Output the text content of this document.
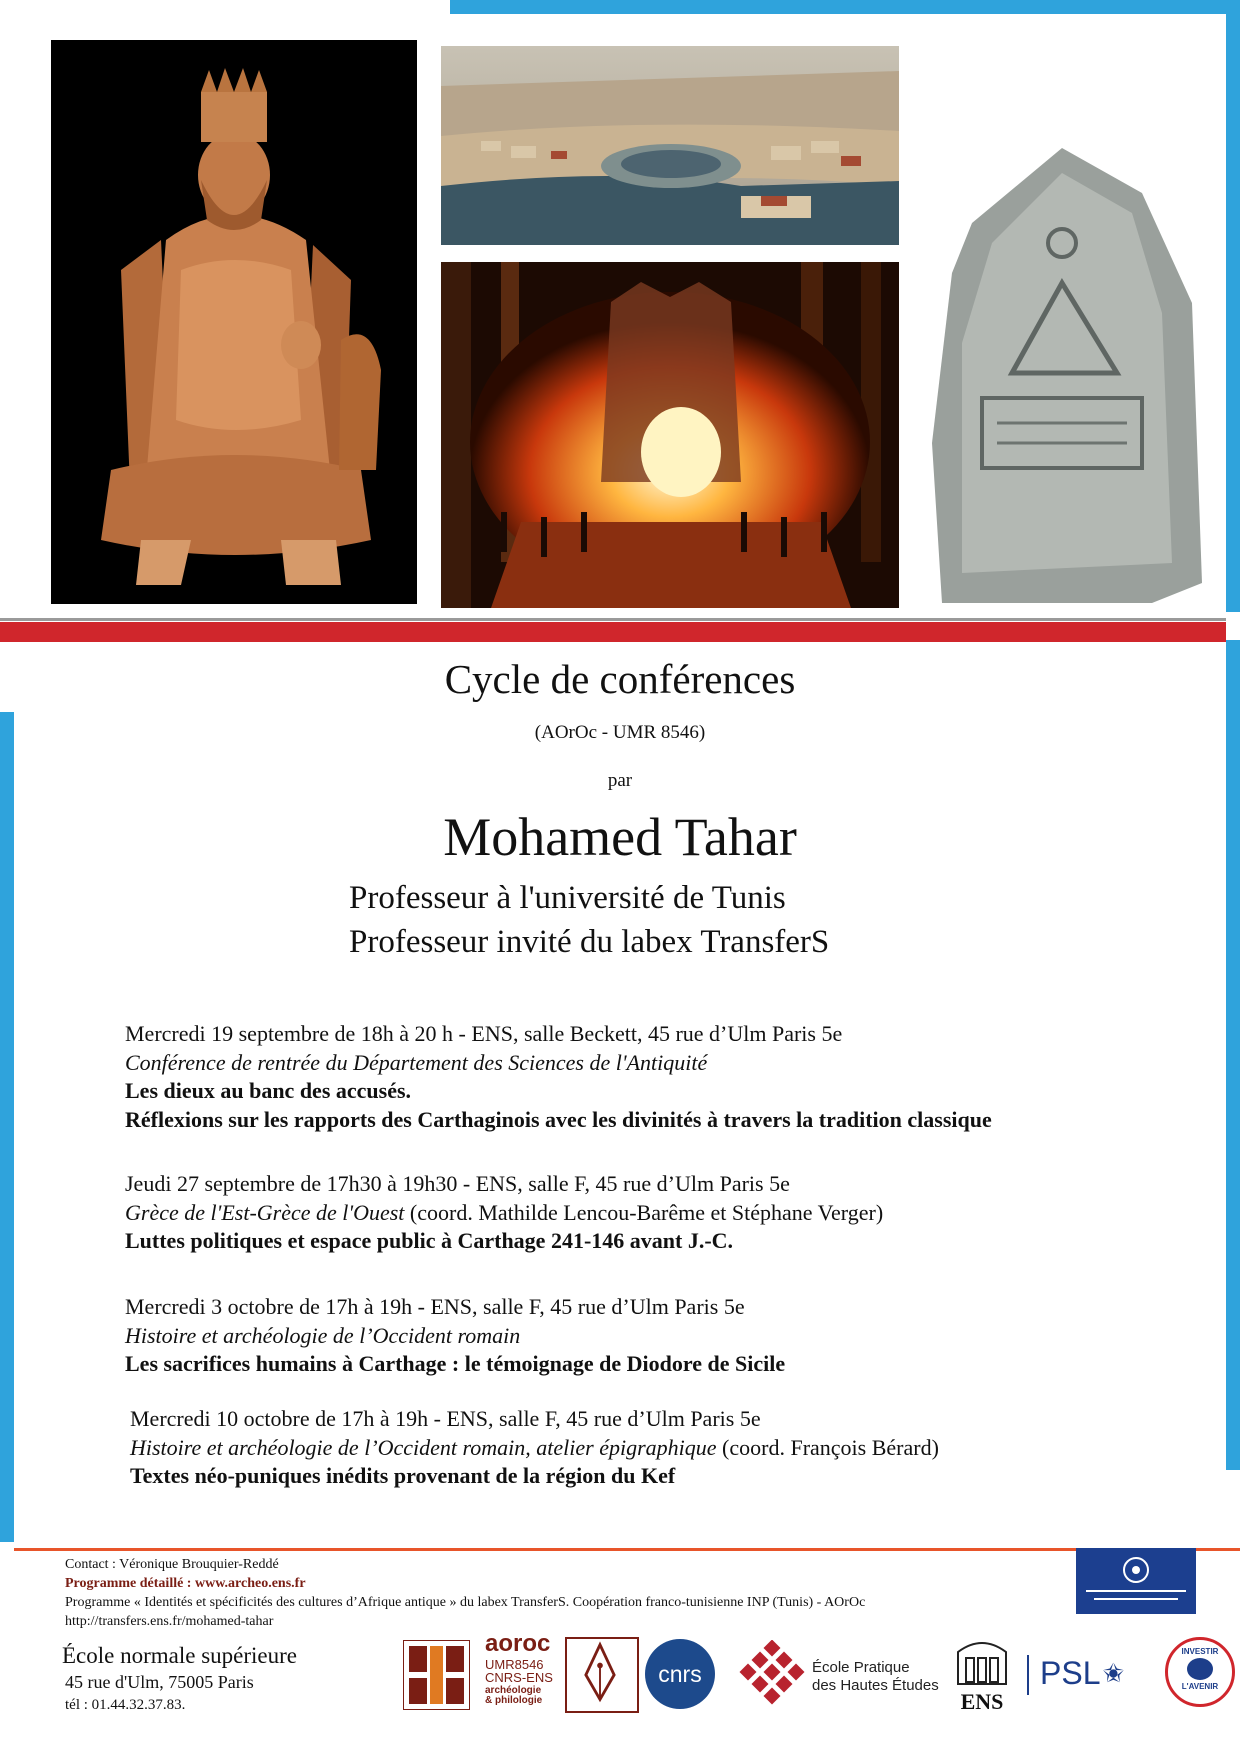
Cycle de conférences
(AOrOc - UMR 8546)
par
Mohamed Tahar
Professeur à l'université de Tunis
Professeur invité du labex TransferS
Mercredi 19 septembre de 18h à 20 h - ENS, salle Beckett, 45 rue d’Ulm Paris 5e
Conférence de rentrée du Département des Sciences de l'Antiquité
Les dieux au banc des accusés.
Réflexions sur les rapports des Carthaginois avec les divinités à travers la tradition classique
Jeudi 27 septembre de 17h30 à 19h30 - ENS, salle F, 45 rue d’Ulm Paris 5e
Grèce de l'Est-Grèce de l'Ouest (coord. Mathilde Lencou-Barême et Stéphane Verger)
Luttes politiques et espace public à Carthage 241-146 avant J.-C.
Mercredi 3 octobre de 17h à 19h - ENS, salle F, 45 rue d’Ulm Paris 5e
Histoire et archéologie de l’Occident romain
Les sacrifices humains à Carthage : le témoignage de Diodore de Sicile
Mercredi 10 octobre de 17h à 19h - ENS, salle F, 45 rue d’Ulm Paris 5e
Histoire et archéologie de l’Occident romain, atelier épigraphique (coord. François Bérard)
Textes néo-puniques inédits provenant de la région du Kef
Contact : Véronique Brouquier-Reddé
Programme détaillé : www.archeo.ens.fr
Programme « Identités et spécificités des cultures d’Afrique antique » du labex TransferS. Coopération franco-tunisienne INP (Tunis) - AOrOc
http://transfers.ens.fr/mohamed-tahar
École normale supérieure
45 rue d'Ulm, 75005 Paris
tél : 01.44.32.37.83.
aoroc
UMR8546
CNRS-ENS
archéologie
& philologie
cnrs	École Pratique
des Hautes Études
ENS
PSL ✬
INVESTIR
L'AVENIR
